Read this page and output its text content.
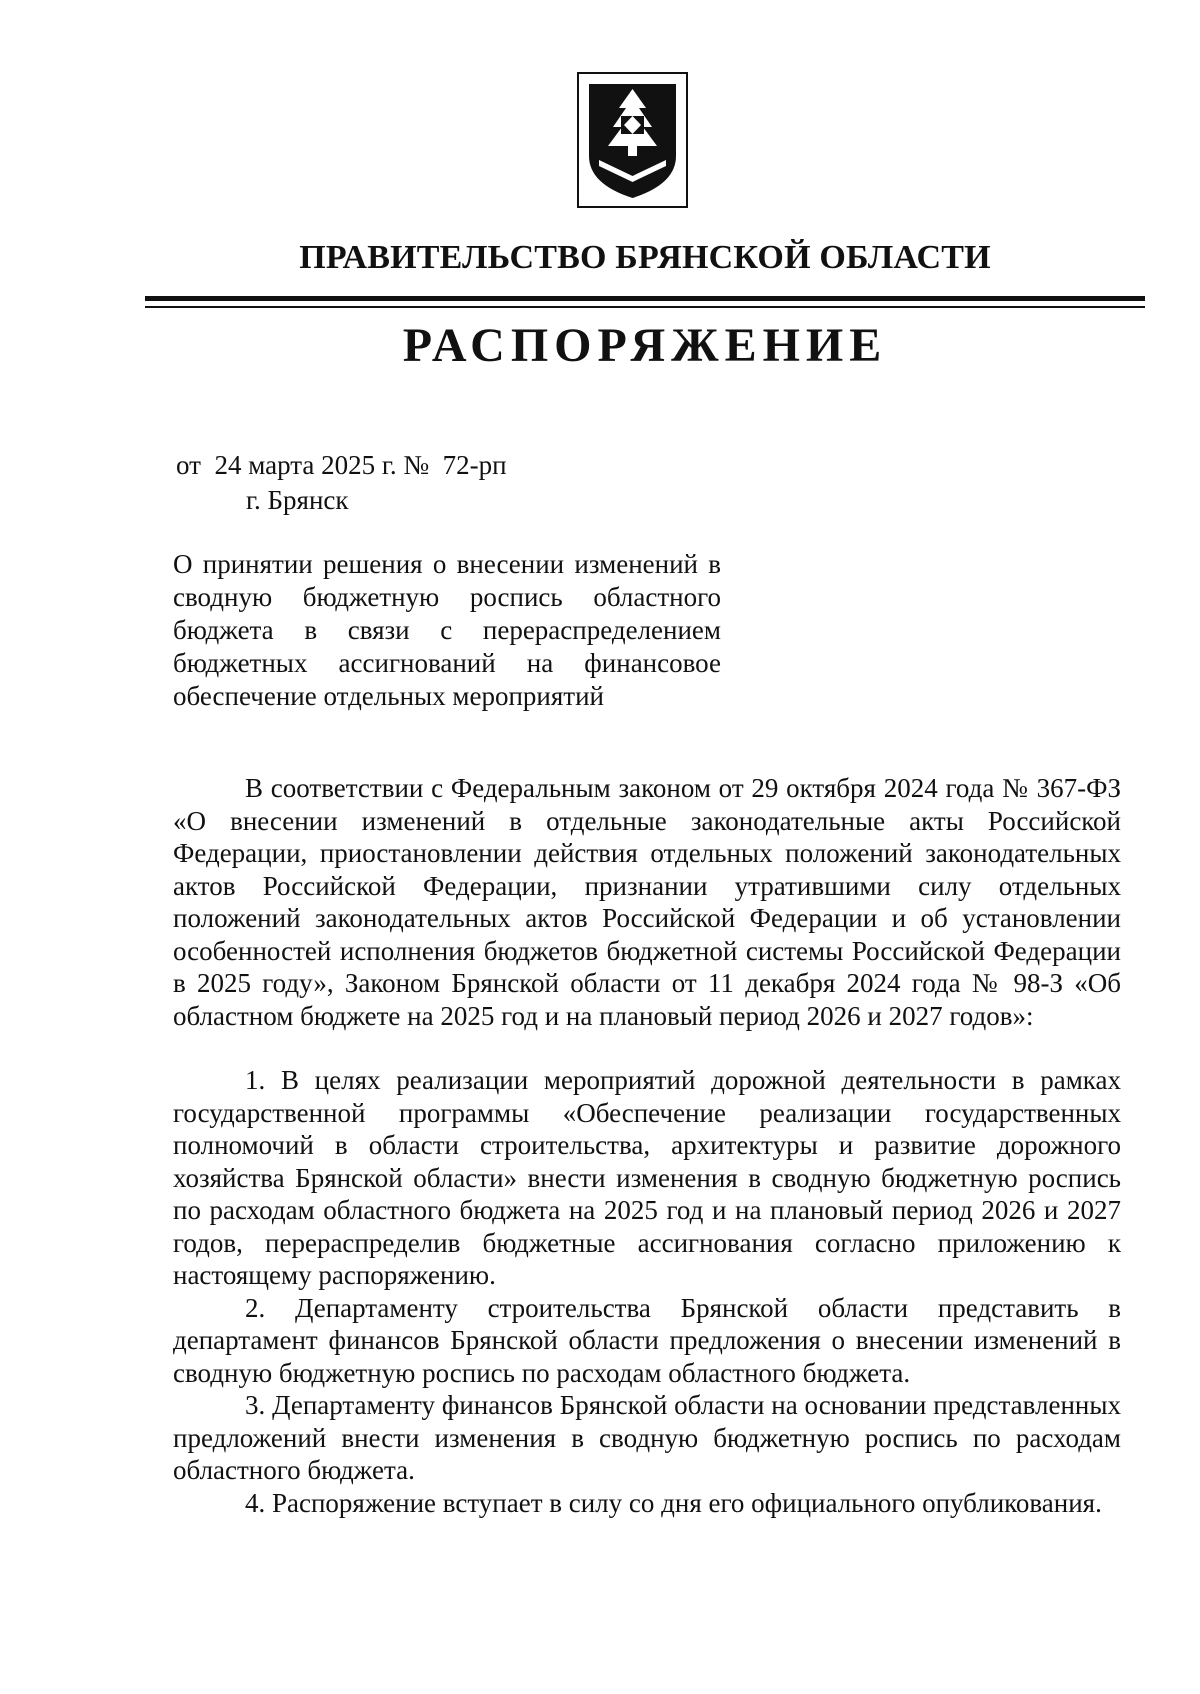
ПРАВИТЕЛЬСТВО БРЯНСКОЙ ОБЛАСТИ
РАСПОРЯЖЕНИЕ
от  24 марта 2025 г. №  72-рп
г. Брянск
О принятии решения о внесении изменений в сводную бюджетную роспись областного бюджета в связи с перераспределением бюджетных ассигнований на финансовое обеспечение отдельных мероприятий

В соответствии с Федеральным законом от 29 октября 2024 года № 367-ФЗ «О внесении изменений в отдельные законодательные акты Российской Федерации, приостановлении действия отдельных положений законодательных актов Российской Федерации, признании утратившими силу отдельных положений законодательных актов Российской Федерации и об установлении особенностей исполнения бюджетов бюджетной системы Российской Федерации в 2025 году», Законом Брянской области от 11 декабря 2024 года № 98-З «Об областном бюджете на 2025 год и на плановый период 2026 и 2027 годов»:

1. В целях реализации мероприятий дорожной деятельности в рамках государственной программы «Обеспечение реализации государственных полномочий в области строительства, архитектуры и развитие дорожного хозяйства Брянской области» внести изменения в сводную бюджетную роспись по расходам областного бюджета на 2025 год и на плановый период 2026 и 2027 годов, перераспределив бюджетные ассигнования согласно приложению к настоящему распоряжению.

2. Департаменту строительства Брянской области представить в департамент финансов Брянской области предложения о внесении изменений в сводную бюджетную роспись по расходам областного бюджета.

3. Департаменту финансов Брянской области на основании представленных предложений внести изменения в сводную бюджетную роспись по расходам областного бюджета.

4. Распоряжение вступает в силу со дня его официального опубликования.
